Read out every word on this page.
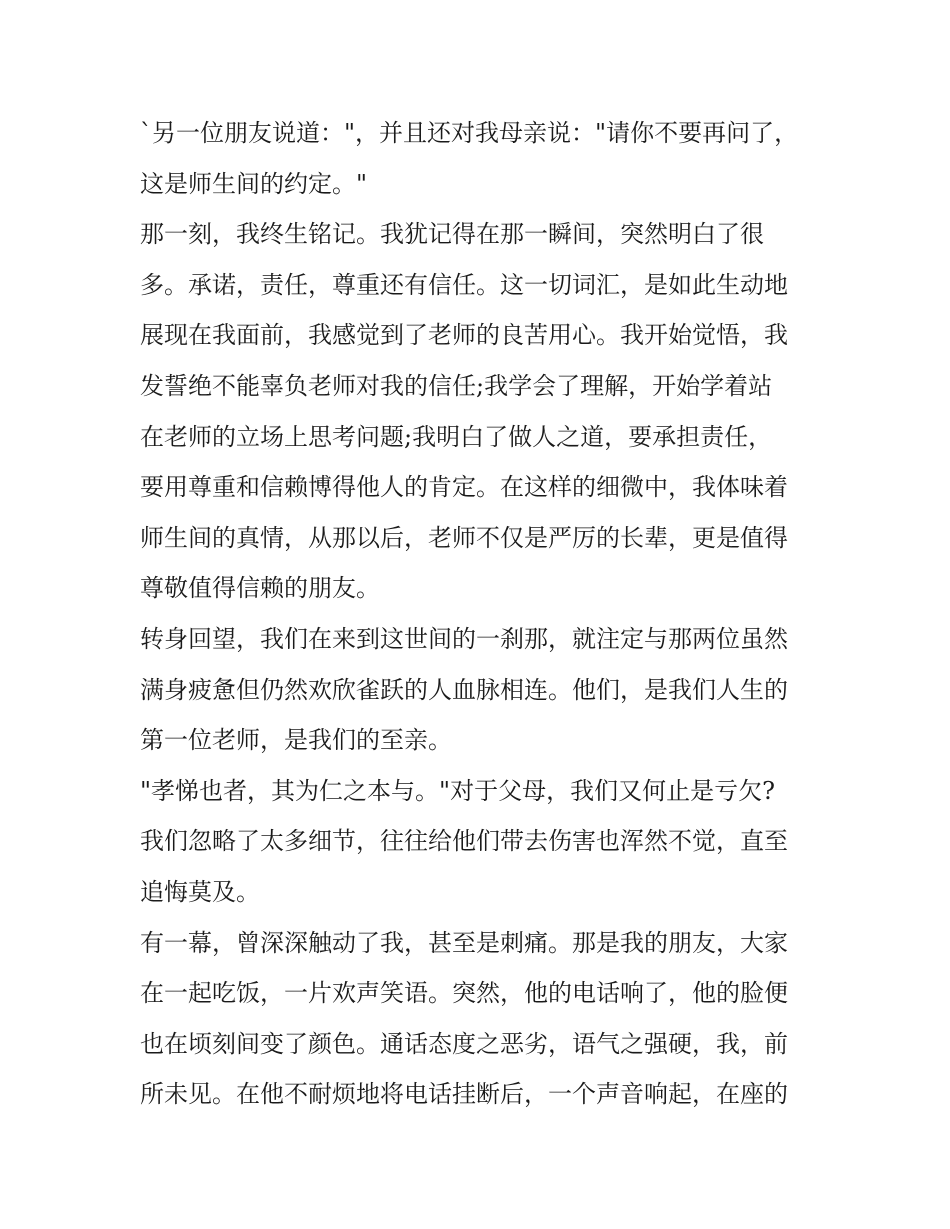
`另一位朋友说道："，并且还对我母亲说："请你不要再问了，
这是师生间的约定。"
那一刻，我终生铭记。我犹记得在那一瞬间，突然明白了很
多。承诺，责任，尊重还有信任。这一切词汇，是如此生动地
展现在我面前，我感觉到了老师的良苦用心。我开始觉悟，我
发誓绝不能辜负老师对我的信任;我学会了理解，开始学着站
在老师的立场上思考问题;我明白了做人之道，要承担责任，
要用尊重和信赖博得他人的肯定。在这样的细微中，我体味着
师生间的真情，从那以后，老师不仅是严厉的长辈，更是值得
尊敬值得信赖的朋友。
转身回望，我们在来到这世间的一刹那，就注定与那两位虽然
满身疲惫但仍然欢欣雀跃的人血脉相连。他们，是我们人生的
第一位老师，是我们的至亲。
"孝悌也者，其为仁之本与。"对于父母，我们又何止是亏欠?
我们忽略了太多细节，往往给他们带去伤害也浑然不觉，直至
追悔莫及。
有一幕，曾深深触动了我，甚至是刺痛。那是我的朋友，大家
在一起吃饭，一片欢声笑语。突然，他的电话响了，他的脸便
也在顷刻间变了颜色。通话态度之恶劣，语气之强硬，我，前
所未见。在他不耐烦地将电话挂断后，一个声音响起，在座的
